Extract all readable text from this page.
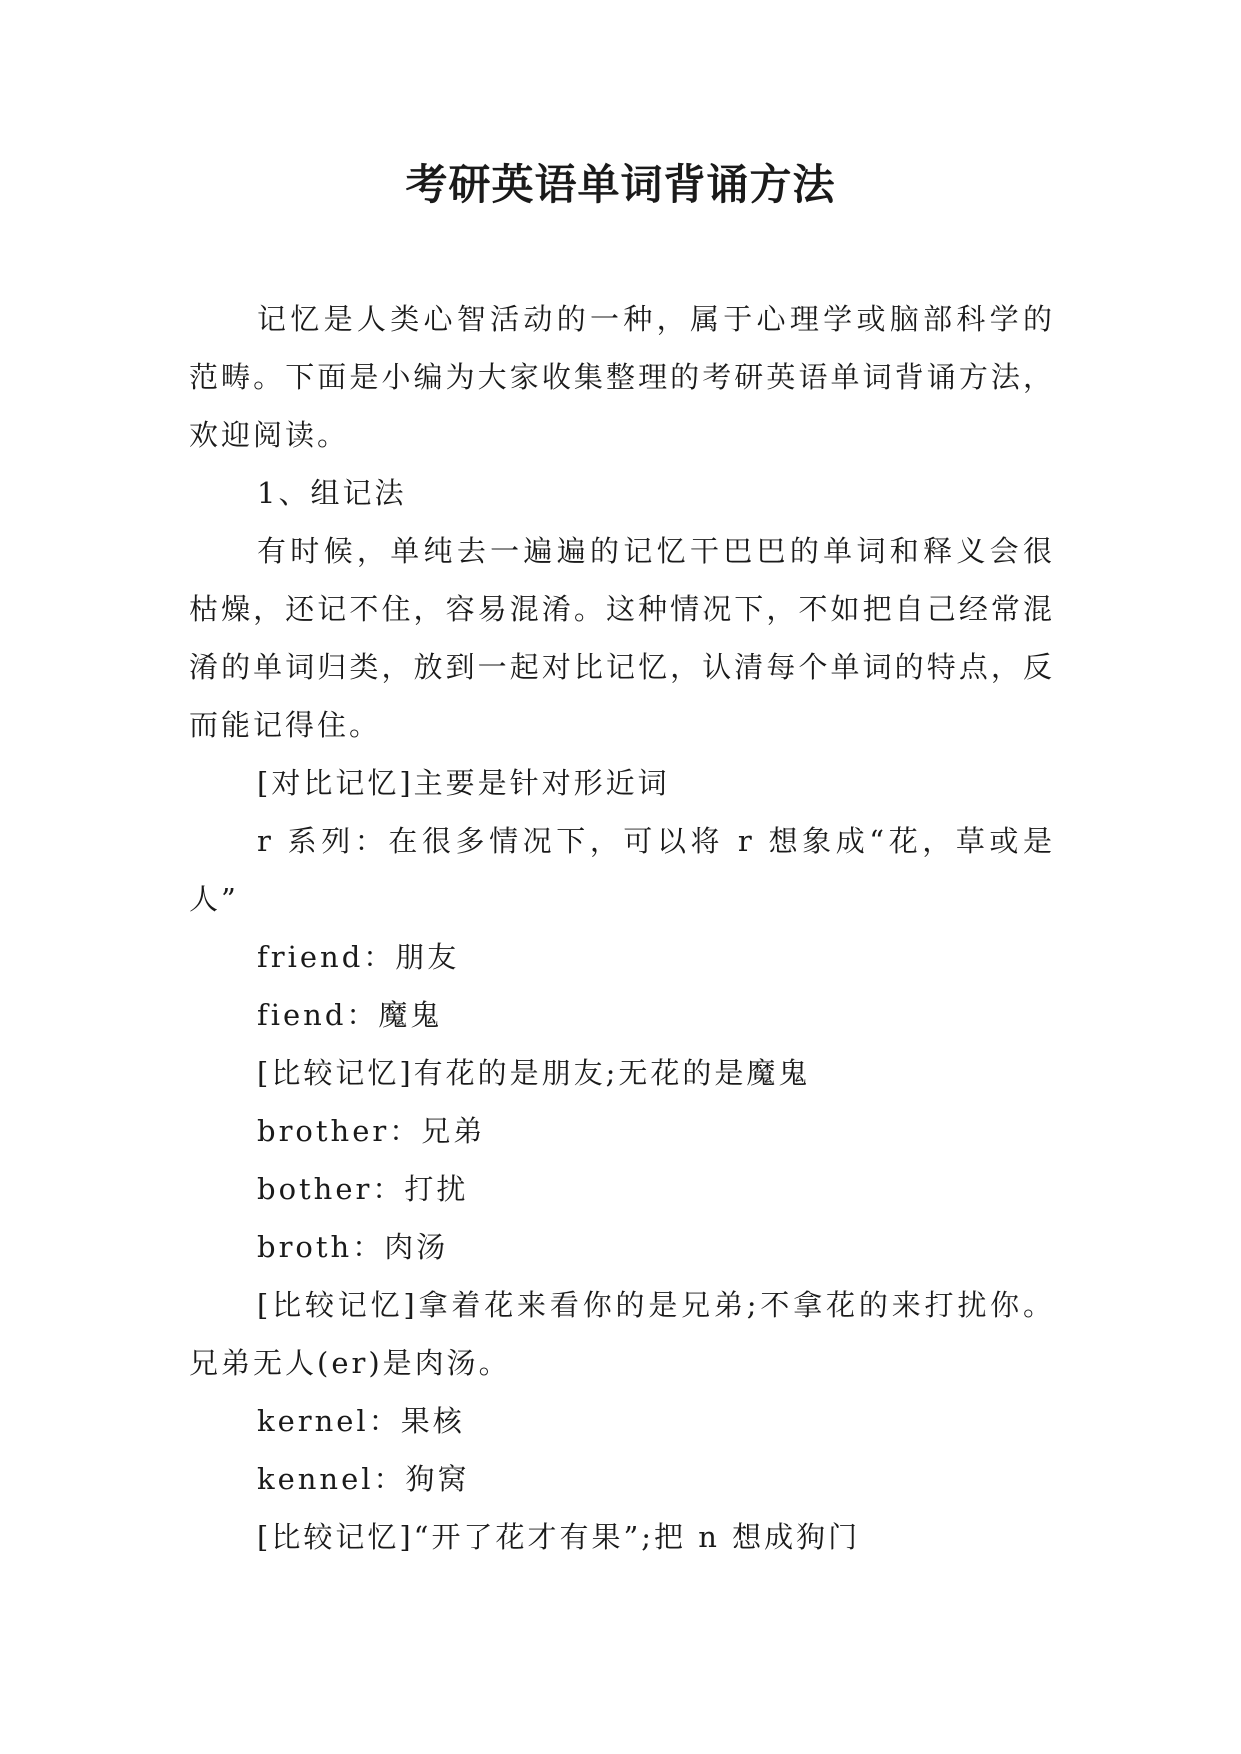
考研英语单词背诵方法

记忆是人类心智活动的一种，属于心理学或脑部科学的范畴。下面是小编为大家收集整理的考研英语单词背诵方法，欢迎阅读。

1、组记法

有时候，单纯去一遍遍的记忆干巴巴的单词和释义会很枯燥，还记不住，容易混淆。这种情况下，不如把自己经常混淆的单词归类，放到一起对比记忆，认清每个单词的特点，反而能记得住。

[对比记忆]主要是针对形近词

r 系列：在很多情况下，可以将 r 想象成“花，草或是人”

friend：朋友

fiend：魔鬼

[比较记忆]有花的是朋友;无花的是魔鬼

brother：兄弟

bother：打扰

broth：肉汤

[比较记忆]拿着花来看你的是兄弟;不拿花的来打扰你。兄弟无人(er)是肉汤。

kernel：果核

kennel：狗窝

[比较记忆]“开了花才有果”;把 n 想成狗门
